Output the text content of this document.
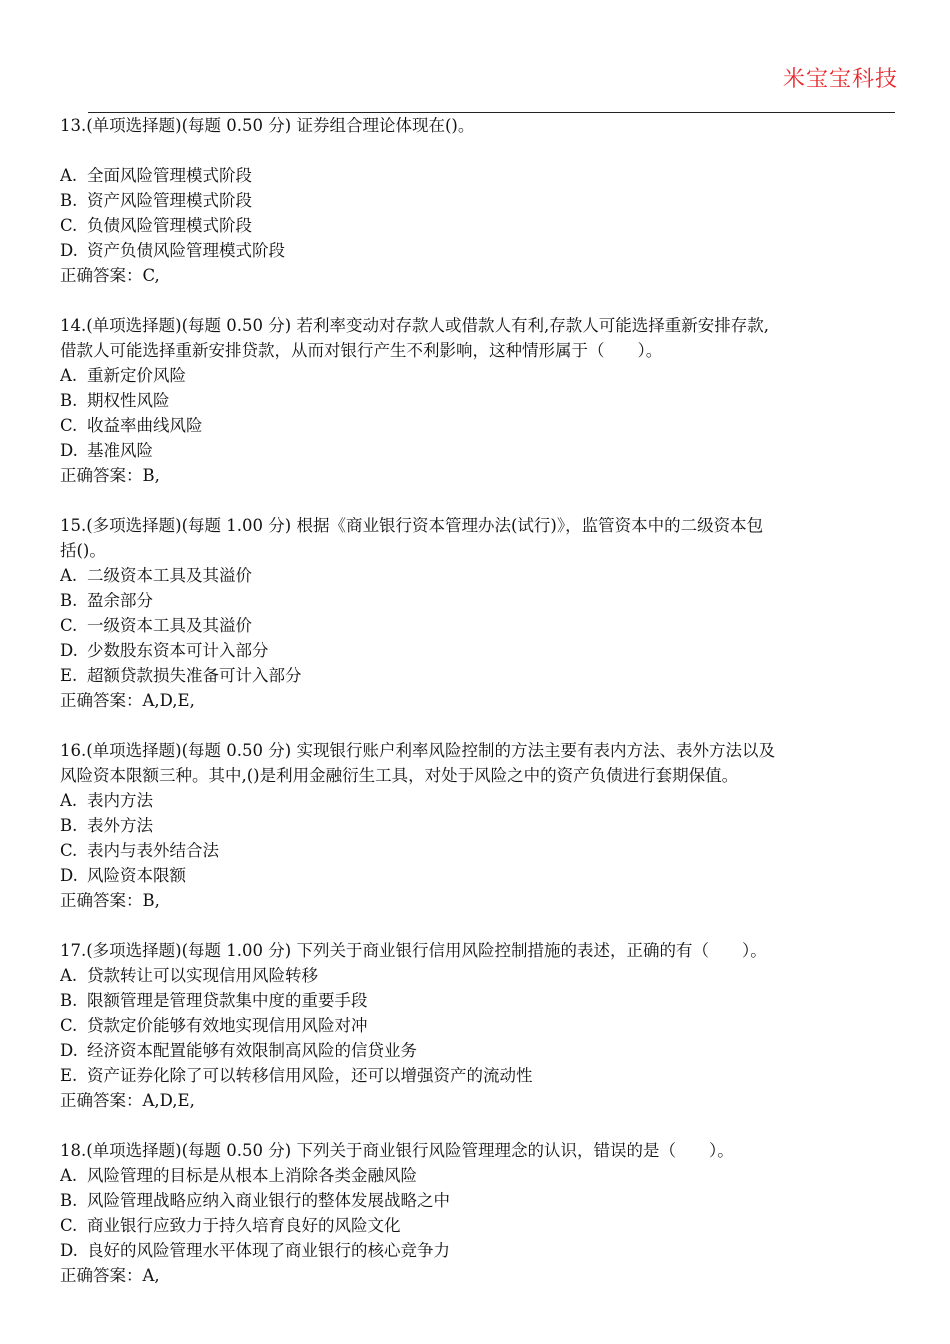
米宝宝科技
13.(单项选择题)(每题 0.50 分) 证券组合理论体现在()。
A. 全面风险管理模式阶段
B. 资产风险管理模式阶段
C. 负债风险管理模式阶段
D. 资产负债风险管理模式阶段
正确答案：C,
14.(单项选择题)(每题 0.50 分) 若利率变动对存款人或借款人有利,存款人可能选择重新安排存款,
借款人可能选择重新安排贷款，从而对银行产生不利影响，这种情形属于（　　）。
A. 重新定价风险
B. 期权性风险
C. 收益率曲线风险
D. 基准风险
正确答案：B,
15.(多项选择题)(每题 1.00 分) 根据《商业银行资本管理办法(试行)》，监管资本中的二级资本包
括()。
A. 二级资本工具及其溢价
B. 盈余部分
C. 一级资本工具及其溢价
D. 少数股东资本可计入部分
E. 超额贷款损失准备可计入部分
正确答案：A,D,E,
16.(单项选择题)(每题 0.50 分) 实现银行账户利率风险控制的方法主要有表内方法、表外方法以及
风险资本限额三种。其中,()是利用金融衍生工具，对处于风险之中的资产负债进行套期保值。
A. 表内方法
B. 表外方法
C. 表内与表外结合法
D. 风险资本限额
正确答案：B,
17.(多项选择题)(每题 1.00 分) 下列关于商业银行信用风险控制措施的表述，正确的有（　　）。
A. 贷款转让可以实现信用风险转移
B. 限额管理是管理贷款集中度的重要手段
C. 贷款定价能够有效地实现信用风险对冲
D. 经济资本配置能够有效限制高风险的信贷业务
E. 资产证券化除了可以转移信用风险，还可以增强资产的流动性
正确答案：A,D,E,
18.(单项选择题)(每题 0.50 分) 下列关于商业银行风险管理理念的认识，错误的是（　　）。
A. 风险管理的目标是从根本上消除各类金融风险
B. 风险管理战略应纳入商业银行的整体发展战略之中
C. 商业银行应致力于持久培育良好的风险文化
D. 良好的风险管理水平体现了商业银行的核心竞争力
正确答案：A,
